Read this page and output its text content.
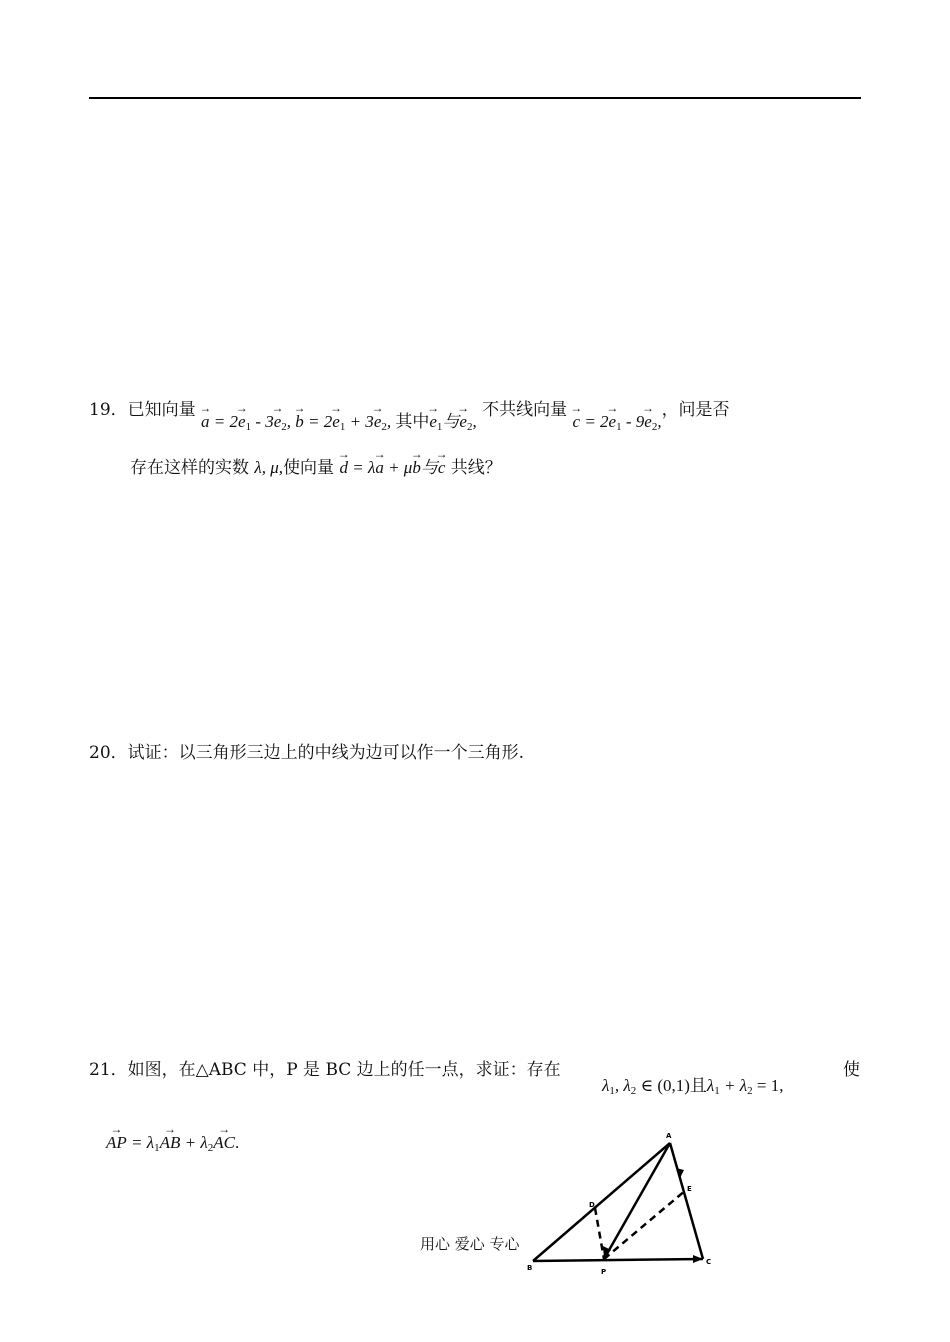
19．已知向量 → $a = 2\to e_1 - 3\to e_2$, → $b = 2\to e_1 + 3\to e_2$, 其中→ $e_1$与→ $e_2$, 不共线向量 → $c = 2\to e_1 - 9\to e_2$,，问是否
存在这样的实数 λ, μ,使向量 → d = λ→ a + μ→ b与→ c 共线？
20．试证：以三角形三边上的中线为边可以作一个三角形.
21．如图，在△ABC 中，P 是 BC 边上的任一点，求证：存在
$\lambda_1$, $\lambda_2$ ∈ (0,1)且$\lambda_1 + \lambda_2 = 1$,
使
→ AP = $\lambda_1\to$ AB + $\lambda_2\to$ AC.	A
B
C
D
E
P
用心 爱心 专心
